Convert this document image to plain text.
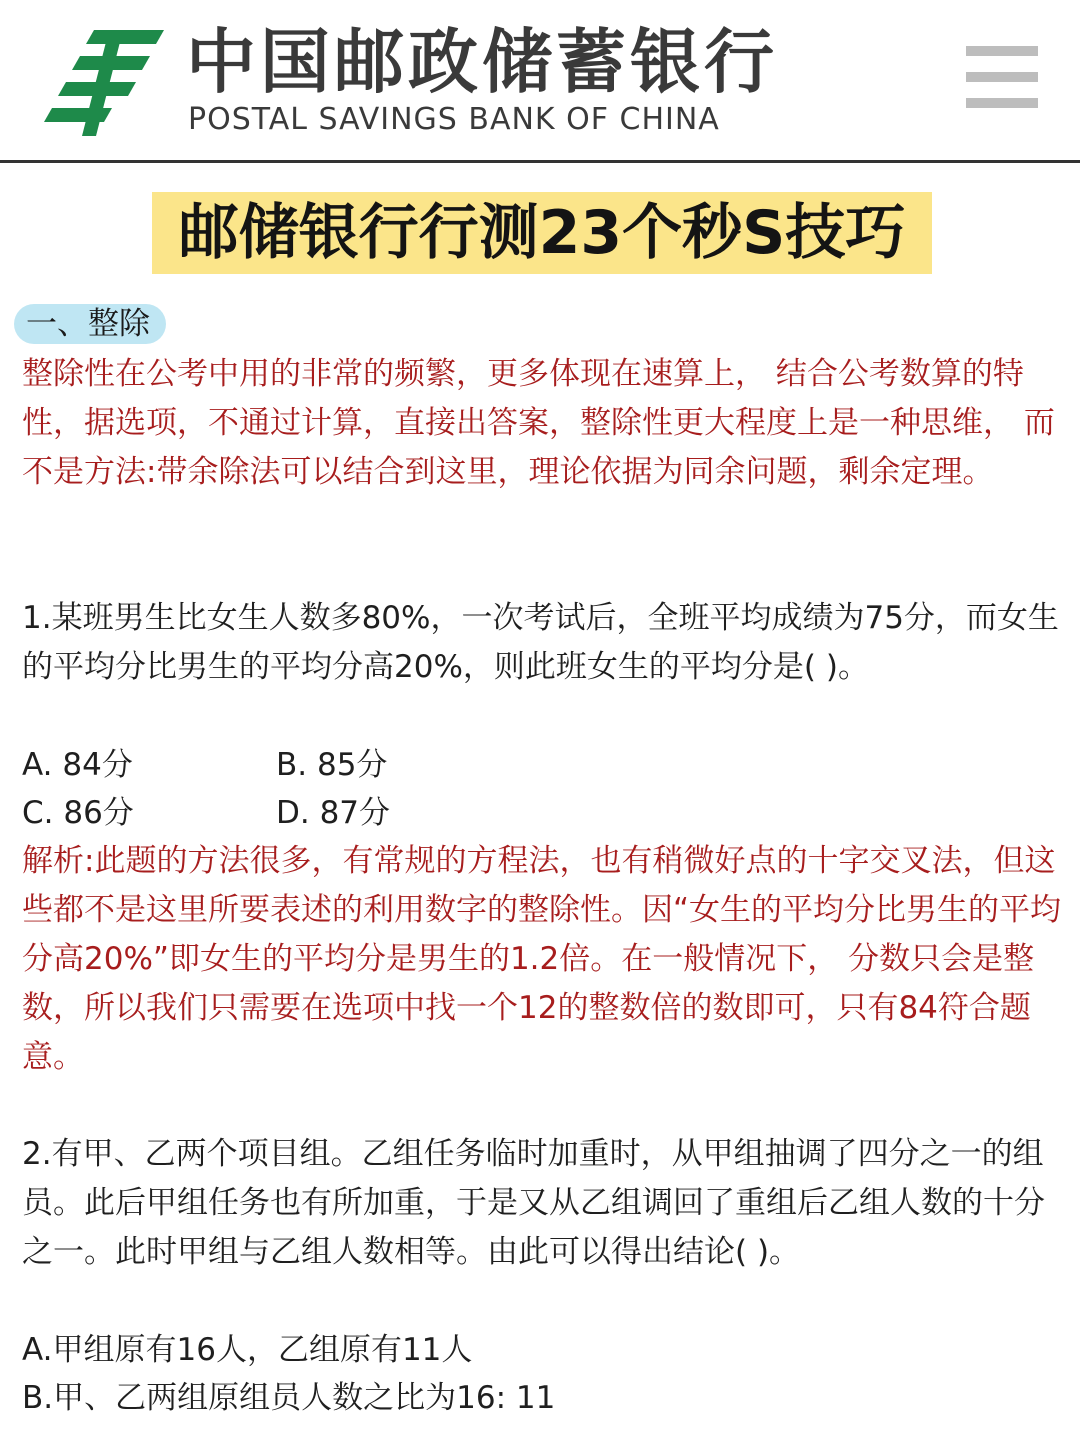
中国邮政储蓄银行
POSTAL SAVINGS BANK OF CHINA
邮储银行行测23个秒S技巧
一、整除

整除性在公考中用的非常的频繁，更多体现在速算上， 结合公考数算的特性，据选项，不通过计算，直接出答案，整除性更大程度上是一种思维， 而不是方法:带余除法可以结合到这里，理论依据为同余问题，剩余定理。

1.某班男生比女生人数多80%，一次考试后，全班平均成绩为75分，而女生的平均分比男生的平均分高20%，则此班女生的平均分是( )。

A. 84分	B. 85分
C. 86分	D. 87分

解析:此题的方法很多，有常规的方程法，也有稍微好点的十字交叉法，但这些都不是这里所要表述的利用数字的整除性。因“女生的平均分比男生的平均分高20%”即女生的平均分是男生的1.2倍。在一般情况下， 分数只会是整数，所以我们只需要在选项中找一个12的整数倍的数即可，只有84符合题意。

2.有甲、乙两个项目组。乙组任务临时加重时，从甲组抽调了四分之一的组员。此后甲组任务也有所加重，于是又从乙组调回了重组后乙组人数的十分之一。此时甲组与乙组人数相等。由此可以得出结论( )。

A.甲组原有16人，乙组原有11人
B.甲、乙两组原组员人数之比为16: 11
